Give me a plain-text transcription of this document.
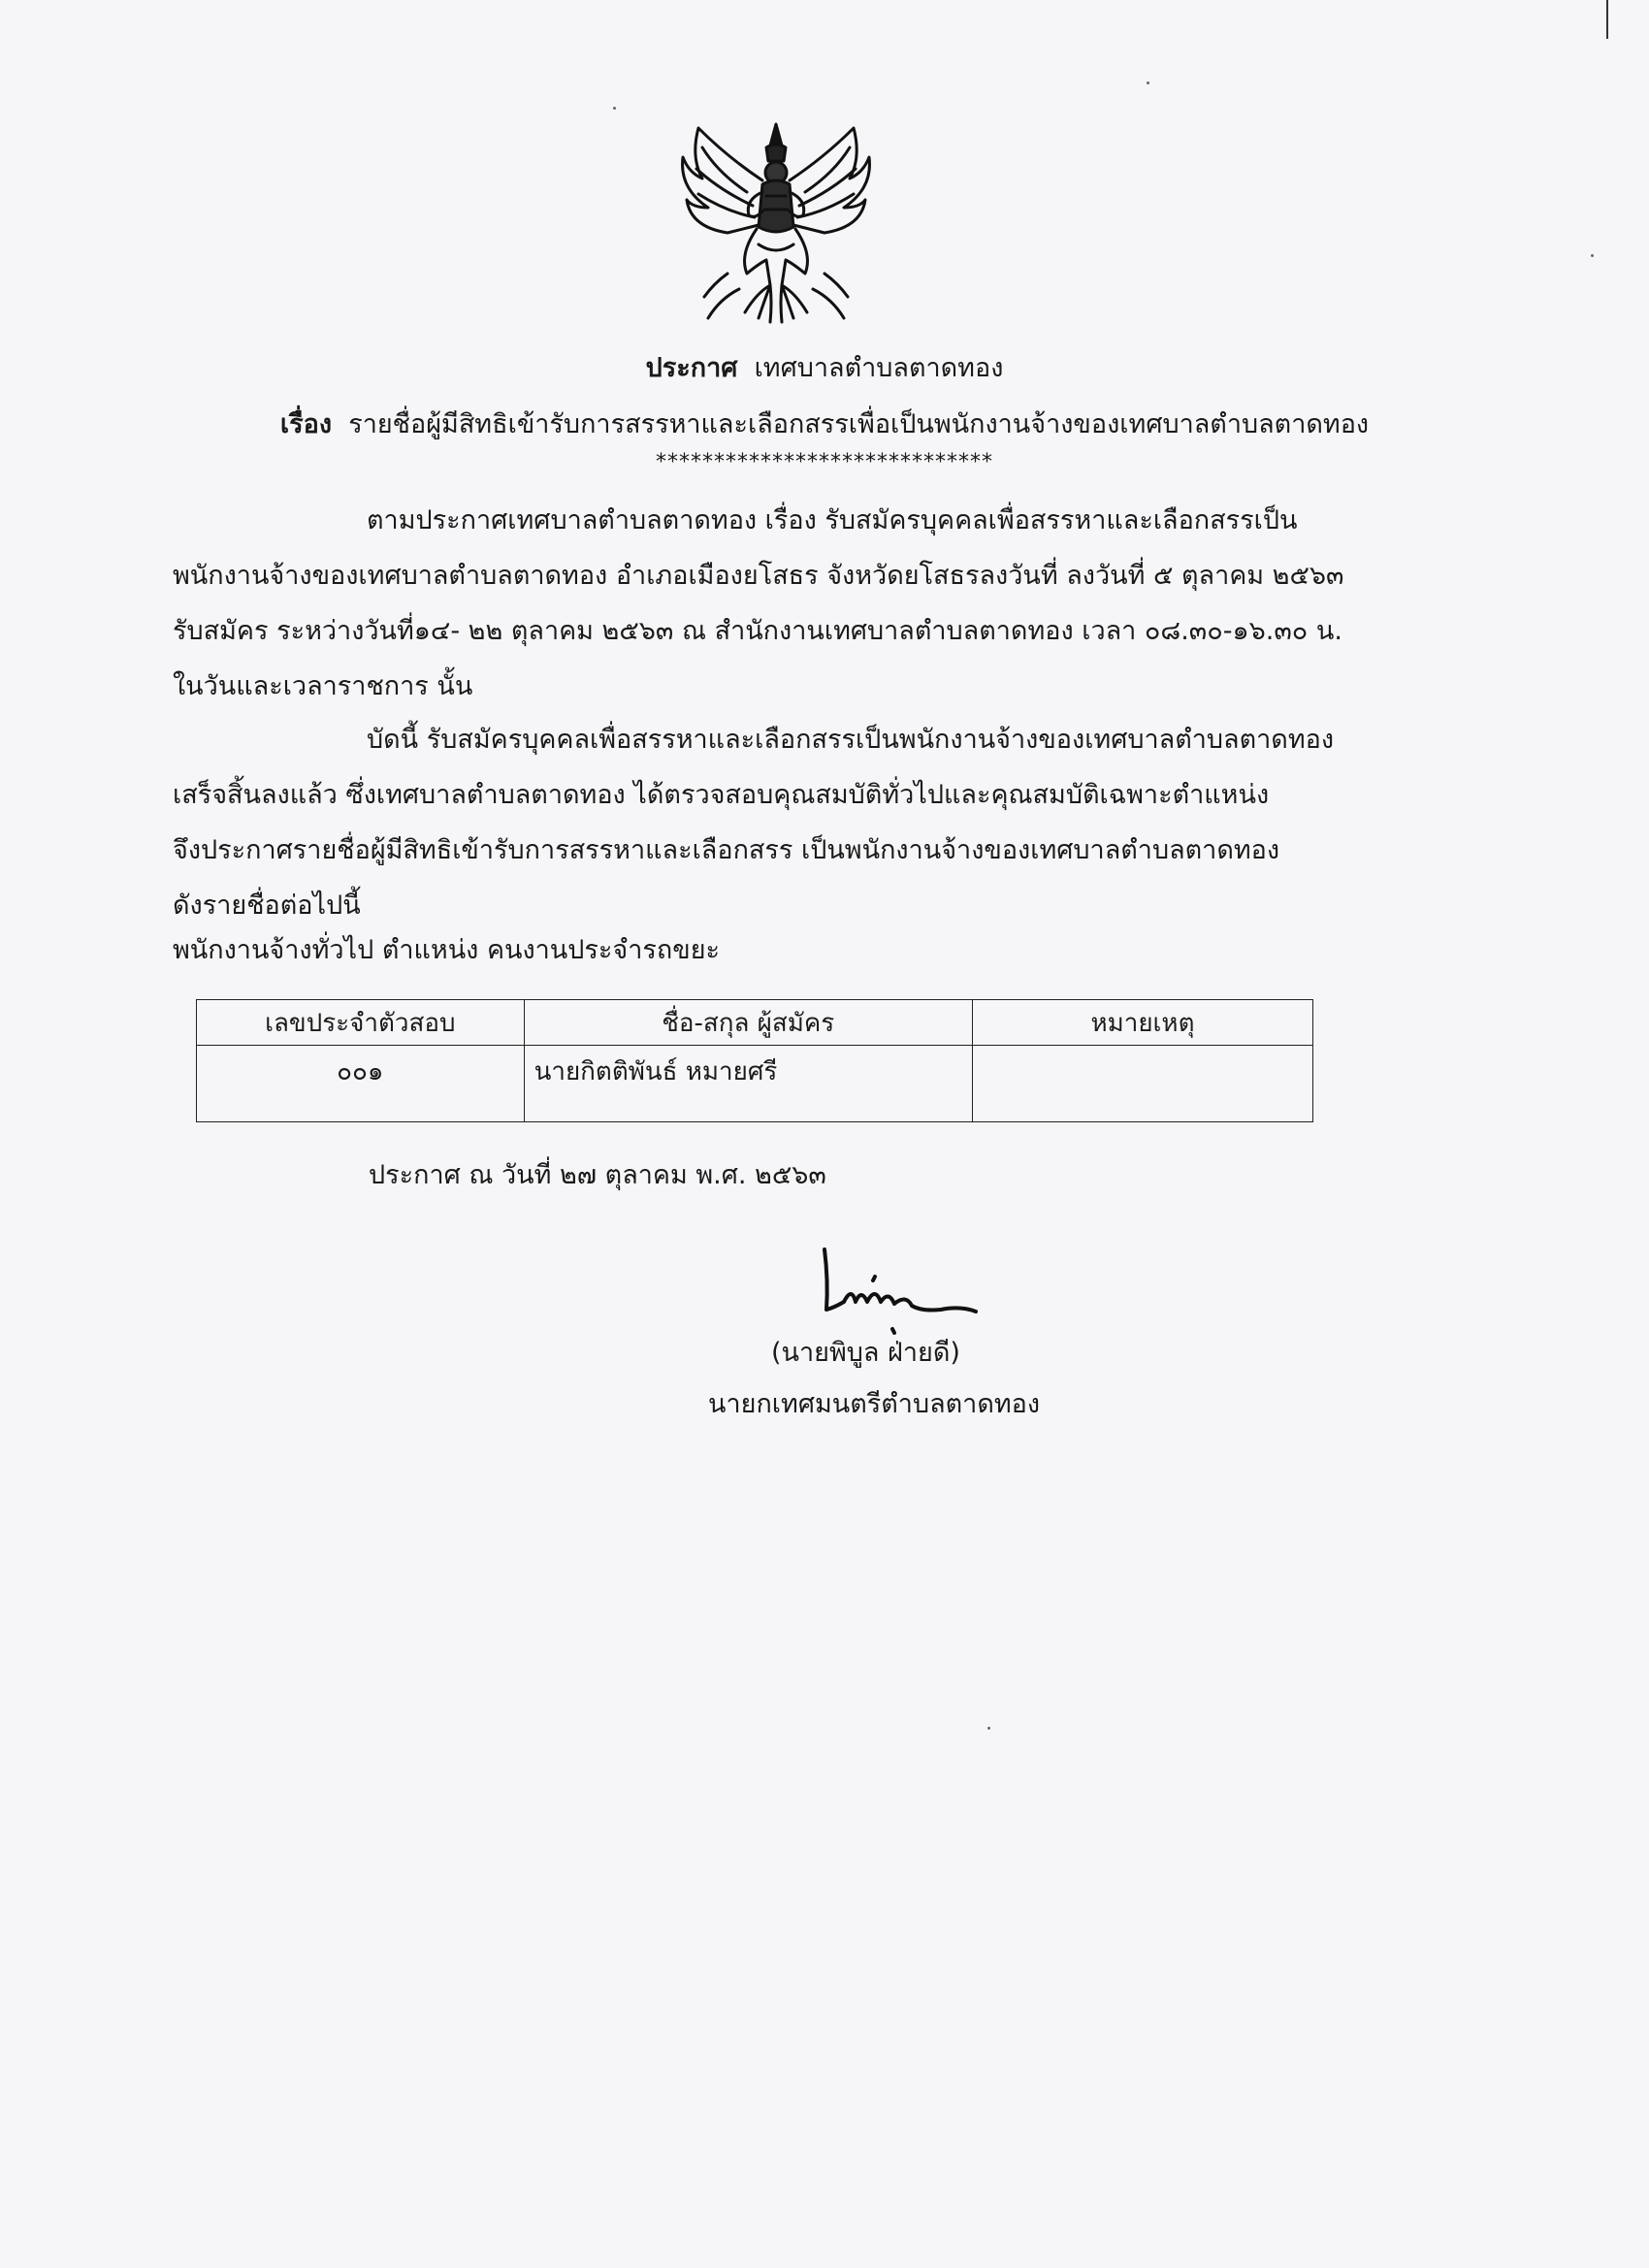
ประกาศ เทศบาลตำบลตาดทอง
เรื่อง รายชื่อผู้มีสิทธิเข้ารับการสรรหาและเลือกสรรเพื่อเป็นพนักงานจ้างของเทศบาลตำบลตาดทอง
*****************************

ตามประกาศเทศบาลตำบลตาดทอง เรื่อง รับสมัครบุคคลเพื่อสรรหาและเลือกสรรเป็น

พนักงานจ้างของเทศบาลตำบลตาดทอง อำเภอเมืองยโสธร จังหวัดยโสธรลงวันที่ ลงวันที่ ๕ ตุลาคม ๒๕๖๓

รับสมัคร ระหว่างวันที่๑๔- ๒๒ ตุลาคม ๒๕๖๓ ณ สำนักงานเทศบาลตำบลตาดทอง เวลา ๐๘.๓๐-๑๖.๓๐ น.

ในวันและเวลาราชการ นั้น

บัดนี้ รับสมัครบุคคลเพื่อสรรหาและเลือกสรรเป็นพนักงานจ้างของเทศบาลตำบลตาดทอง

เสร็จสิ้นลงแล้ว ซึ่งเทศบาลตำบลตาดทอง ได้ตรวจสอบคุณสมบัติทั่วไปและคุณสมบัติเฉพาะตำแหน่ง

จึงประกาศรายชื่อผู้มีสิทธิเข้ารับการสรรหาและเลือกสรร เป็นพนักงานจ้างของเทศบาลตำบลตาดทอง

ดังรายชื่อต่อไปนี้

พนักงานจ้างทั่วไป ตำแหน่ง คนงานประจำรถขยะ
เลขประจำตัวสอบ	ชื่อ-สกุล ผู้สมัคร	หมายเหตุ
๐๐๑	นายกิตติพันธ์ หมายศรี	
ประกาศ ณ วันที่ ๒๗ ตุลาคม พ.ศ. ๒๕๖๓
(นายพิบูล ฝ่ายดี)
นายกเทศมนตรีตำบลตาดทอง
